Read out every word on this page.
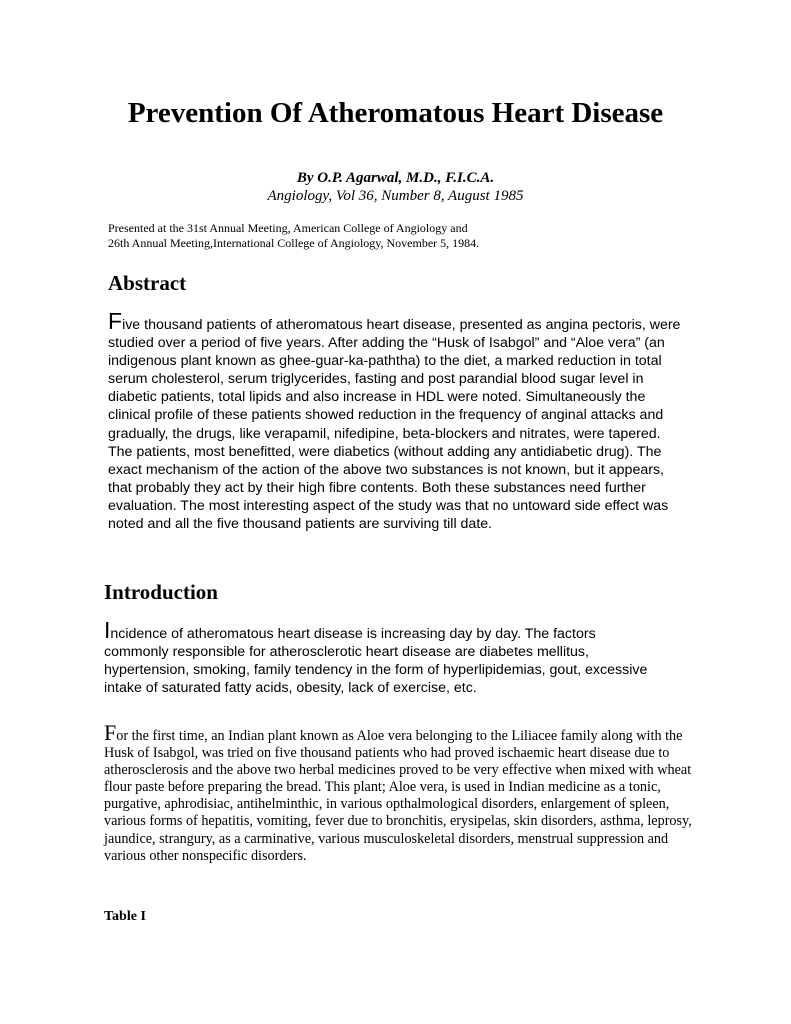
Prevention Of Atheromatous Heart Disease
By O.P. Agarwal, M.D., F.I.C.A.
Angiology, Vol 36, Number 8, August 1985
Presented at the 31st Annual Meeting, American College of Angiology and
26th Annual Meeting,International College of Angiology, November 5, 1984.
Abstract

Five thousand patients of atheromatous heart disease, presented as angina pectoris, were studied over a period of five years. After adding the “Husk of Isabgol” and “Aloe vera” (an indigenous plant known as ghee-guar-ka-paththa) to the diet, a marked reduction in total serum cholesterol, serum triglycerides, fasting and post parandial blood sugar level in diabetic patients, total lipids and also increase in HDL were noted. Simultaneously the clinical profile of these patients showed reduction in the frequency of anginal attacks and gradually, the drugs, like verapamil, nifedipine, beta-blockers and nitrates, were tapered. The patients, most benefitted, were diabetics (without adding any antidiabetic drug). The exact mechanism of the action of the above two substances is not known, but it appears, that probably they act by their high fibre contents. Both these substances need further evaluation. The most interesting aspect of the study was that no untoward side effect was noted and all the five thousand patients are surviving till date.

Introduction

Incidence of atheromatous heart disease is increasing day by day. The factors commonly responsible for atherosclerotic heart disease are diabetes mellitus, hypertension, smoking, family tendency in the form of hyperlipidemias, gout, excessive intake of saturated fatty acids, obesity, lack of exercise, etc.

For the first time, an Indian plant known as Aloe vera belonging to the Liliacee family along with the Husk of Isabgol, was tried on five thousand patients who had proved ischaemic heart disease due to atherosclerosis and the above two herbal medicines proved to be very effective when mixed with wheat flour paste before preparing the bread. This plant; Aloe vera, is used in Indian medicine as a tonic, purgative, aphrodisiac, antihelminthic, in various opthalmological disorders, enlargement of spleen, various forms of hepatitis, vomiting, fever due to bronchitis, erysipelas, skin disorders, asthma, leprosy, jaundice, strangury, as a carminative, various musculoskeletal disorders, menstrual suppression and various other nonspecific disorders.

Table I
